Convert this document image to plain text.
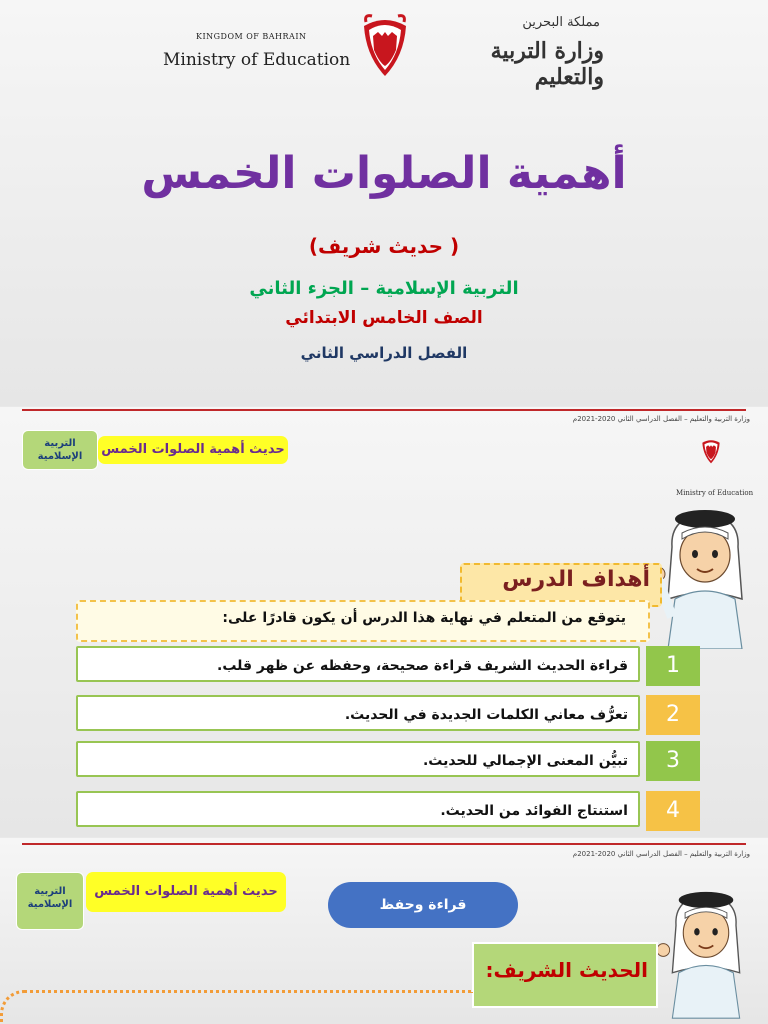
KINGDOM OF BAHRAIN
Ministry of Education
مملكة البحرين
وزارة التربية والتعليم
أهمية الصلوات الخمس
( حديث شريف)
التربية الإسلامية – الجزء الثاني
الصف الخامس الابتدائي
الفصل الدراسي الثاني
وزارة التربية والتعليم – الفصل الدراسي الثاني 2020-2021م
حديث أهمية الصلوات الخمس
التربية الإسلامية
Ministry of Education
أهداف الدرس
يتوقع من المتعلم في نهاية هذا الدرس أن يكون قادرًا على:
قراءة الحديث الشريف قراءة صحيحة، وحفظه عن ظهر قلب.	1
تعرُّف معاني الكلمات الجديدة في الحديث.	2
تبيُّن المعنى الإجمالي للحديث.	3
استنتاج الفوائد من الحديث.	4
وزارة التربية والتعليم – الفصل الدراسي الثاني 2020-2021م
حديث أهمية الصلوات الخمس
التربية الإسلامية	قراءة وحفظ
الحديث الشريف:
